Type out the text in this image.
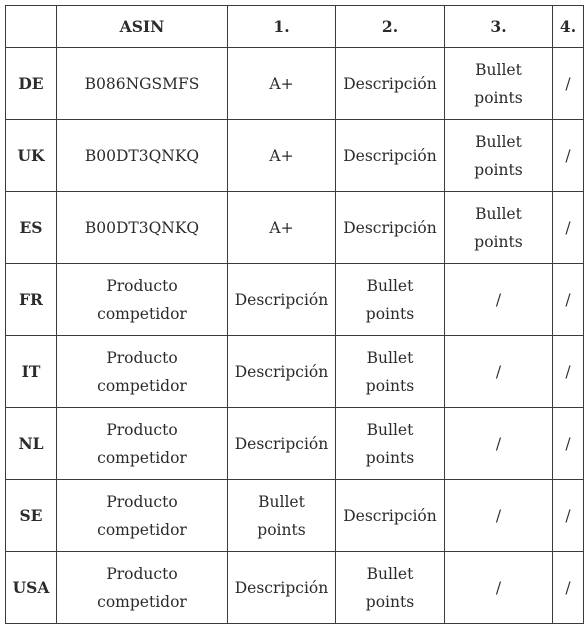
	ASIN	1.	2.	3.	4.
DE	B086NGSMFS	A+	Descripción	Bullet points	/
UK	B00DT3QNKQ	A+	Descripción	Bullet points	/
ES	B00DT3QNKQ	A+	Descripción	Bullet points	/
FR	Producto competidor	Descripción	Bullet points	/	/
IT	Producto competidor	Descripción	Bullet points	/	/
NL	Producto competidor	Descripción	Bullet points	/	/
SE	Producto competidor	Bullet points	Descripción	/	/
USA	Producto competidor	Descripción	Bullet points	/	/
